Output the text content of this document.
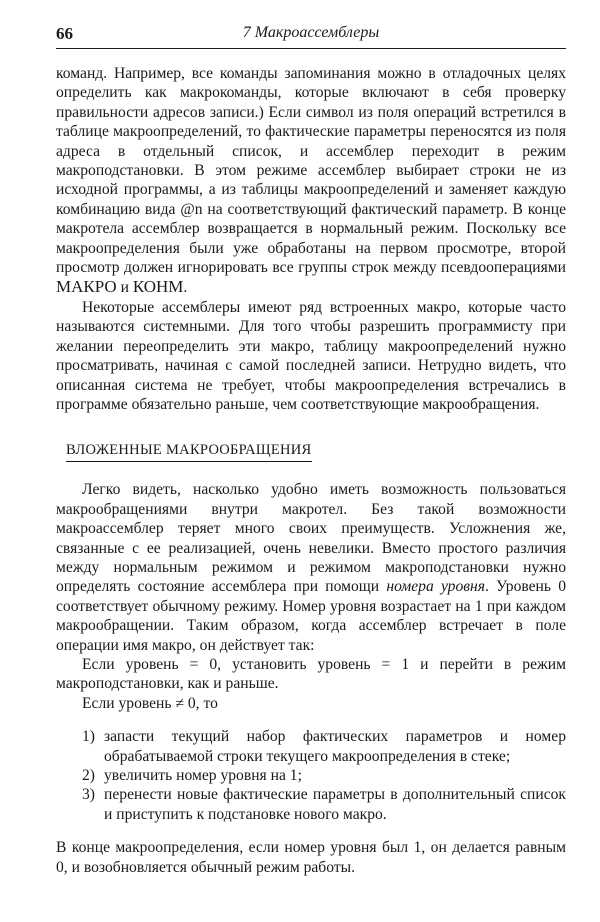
66	7 Макроассемблеры

команд. Например, все команды запоминания можно в отладочных целях определить как макрокоманды, которые включают в себя проверку правильности адресов записи.) Если символ из поля операций встретился в таблице макроопределений, то фактические параметры переносятся из поля адреса в отдельный список, и ассемблер переходит в режим макроподстановки. В этом режиме ассемблер выбирает строки не из исходной программы, а из таблицы макроопределений и заменяет каждую комбинацию вида @n на соответствующий фактический параметр. В конце макротела ассемблер возвращается в нормальный режим. Поскольку все макроопределения были уже обработаны на первом просмотре, второй просмотр должен игнорировать все группы строк между псевдооперациями МАКРО и КОНМ.

Некоторые ассемблеры имеют ряд встроенных макро, которые часто называются системными. Для того чтобы разрешить программисту при желании переопределить эти макро, таблицу макроопределений нужно просматривать, начиная с самой последней записи. Нетрудно видеть, что описанная система не требует, чтобы макроопределения встречались в программе обязательно раньше, чем соответствующие макрообращения.

ВЛОЖЕННЫЕ МАКРООБРАЩЕНИЯ

Легко видеть, насколько удобно иметь возможность пользоваться макрообращениями внутри макротел. Без такой возможности макроассемблер теряет много своих преимуществ. Усложнения же, связанные с ее реализацией, очень невелики. Вместо простого различия между нормальным режимом и режимом макроподстановки нужно определять состояние ассемблера при помощи номера уровня. Уровень 0 соответствует обычному режиму. Номер уровня возрастает на 1 при каждом макрообращении. Таким образом, когда ассемблер встречает в поле операции имя макро, он действует так:

Если уровень = 0, установить уровень = 1 и перейти в режим макроподстановки, как и раньше.

Если уровень ≠ 0, то

1) запасти текущий набор фактических параметров и номер обрабатываемой строки текущего макроопределения в стеке;
2) увеличить номер уровня на 1;
3) перенести новые фактические параметры в дополнительный список и приступить к подстановке нового макро.

В конце макроопределения, если номер уровня был 1, он делается равным 0, и возобновляется обычный режим работы.
